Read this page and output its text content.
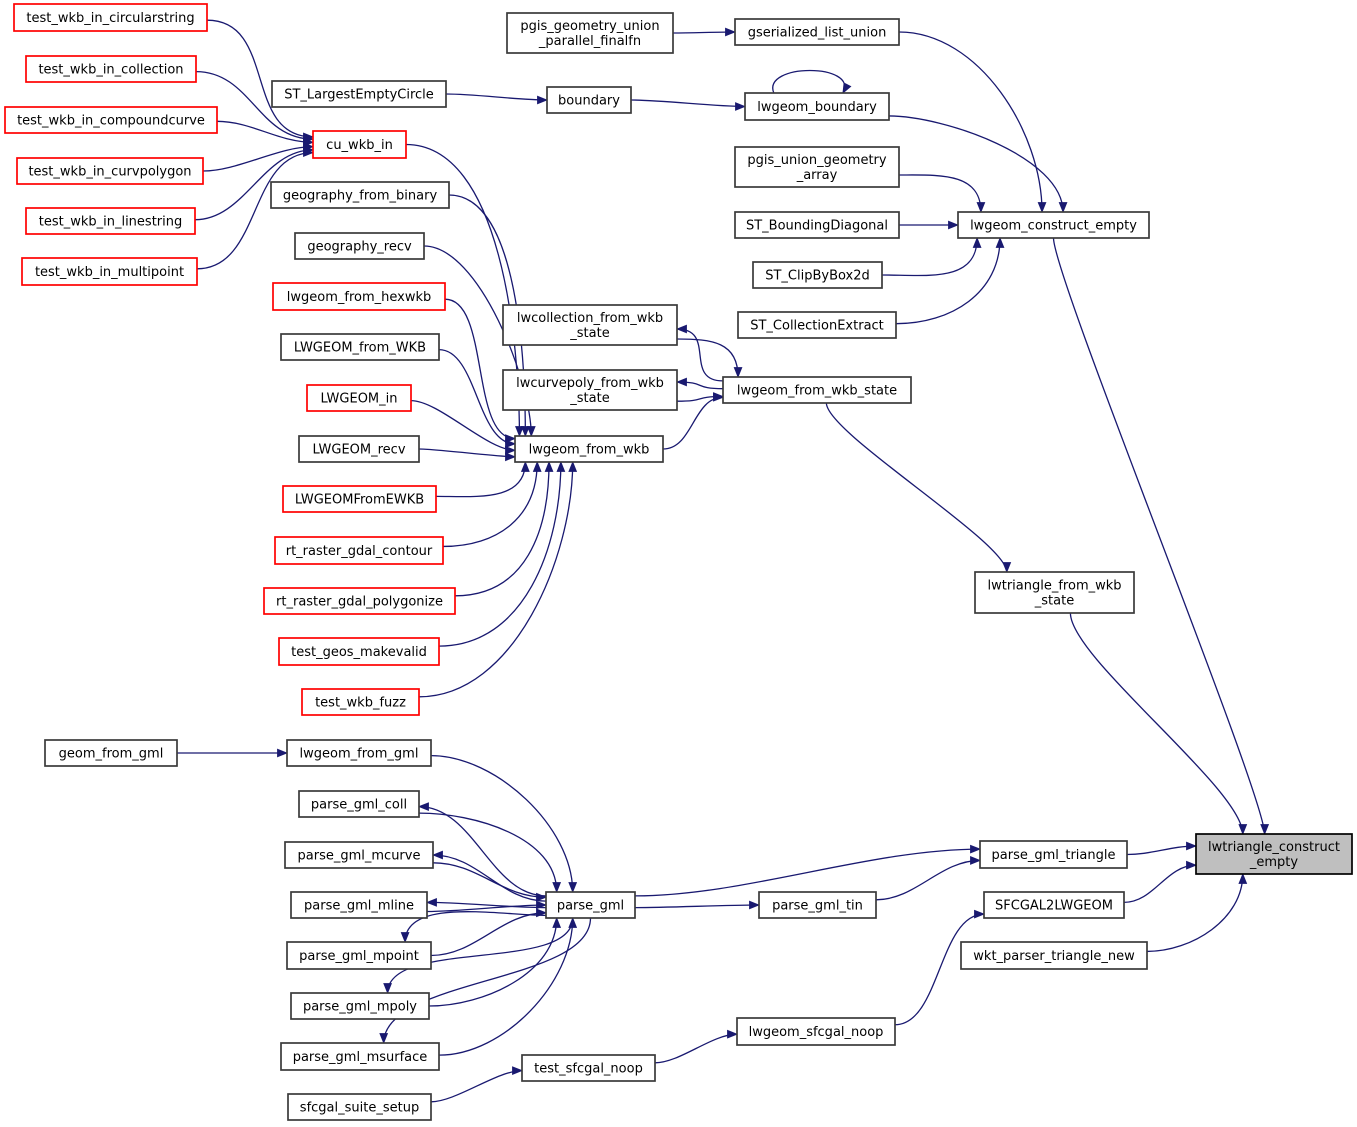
test_wkb_in_circularstring
test_wkb_in_collection
test_wkb_in_compoundcurve
test_wkb_in_curvpolygon
test_wkb_in_linestring
test_wkb_in_multipoint
cu_wkb_in
ST_LargestEmptyCircle	boundary	lwgeom_boundary
pgis_geometry_union _parallel_finalfn
gserialized_list_union
geography_from_binary
geography_recv
lwgeom_from_hexwkb
LWGEOM_from_WKB
LWGEOM_in
LWGEOM_recv
LWGEOMFromEWKB
rt_raster_gdal_contour
rt_raster_gdal_polygonize
test_geos_makevalid
test_wkb_fuzz
lwgeom_from_wkb
lwcollection_from_wkb _state
lwcurvepoly_from_wkb _state	lwgeom_from_wkb_state
pgis_union_geometry _array
ST_BoundingDiagonal
ST_ClipByBox2d
ST_CollectionExtract
lwgeom_construct_empty
lwtriangle_from_wkb _state
geom_from_gml	lwgeom_from_gml
parse_gml_coll
parse_gml_mcurve
parse_gml_mline
parse_gml_mpoint
parse_gml_mpoly
parse_gml_msurface
sfcgal_suite_setup
parse_gml	parse_gml_tin
test_sfcgal_noop
lwgeom_sfcgal_noop
parse_gml_triangle
SFCGAL2LWGEOM
wkt_parser_triangle_new
lwtriangle_construct _empty
